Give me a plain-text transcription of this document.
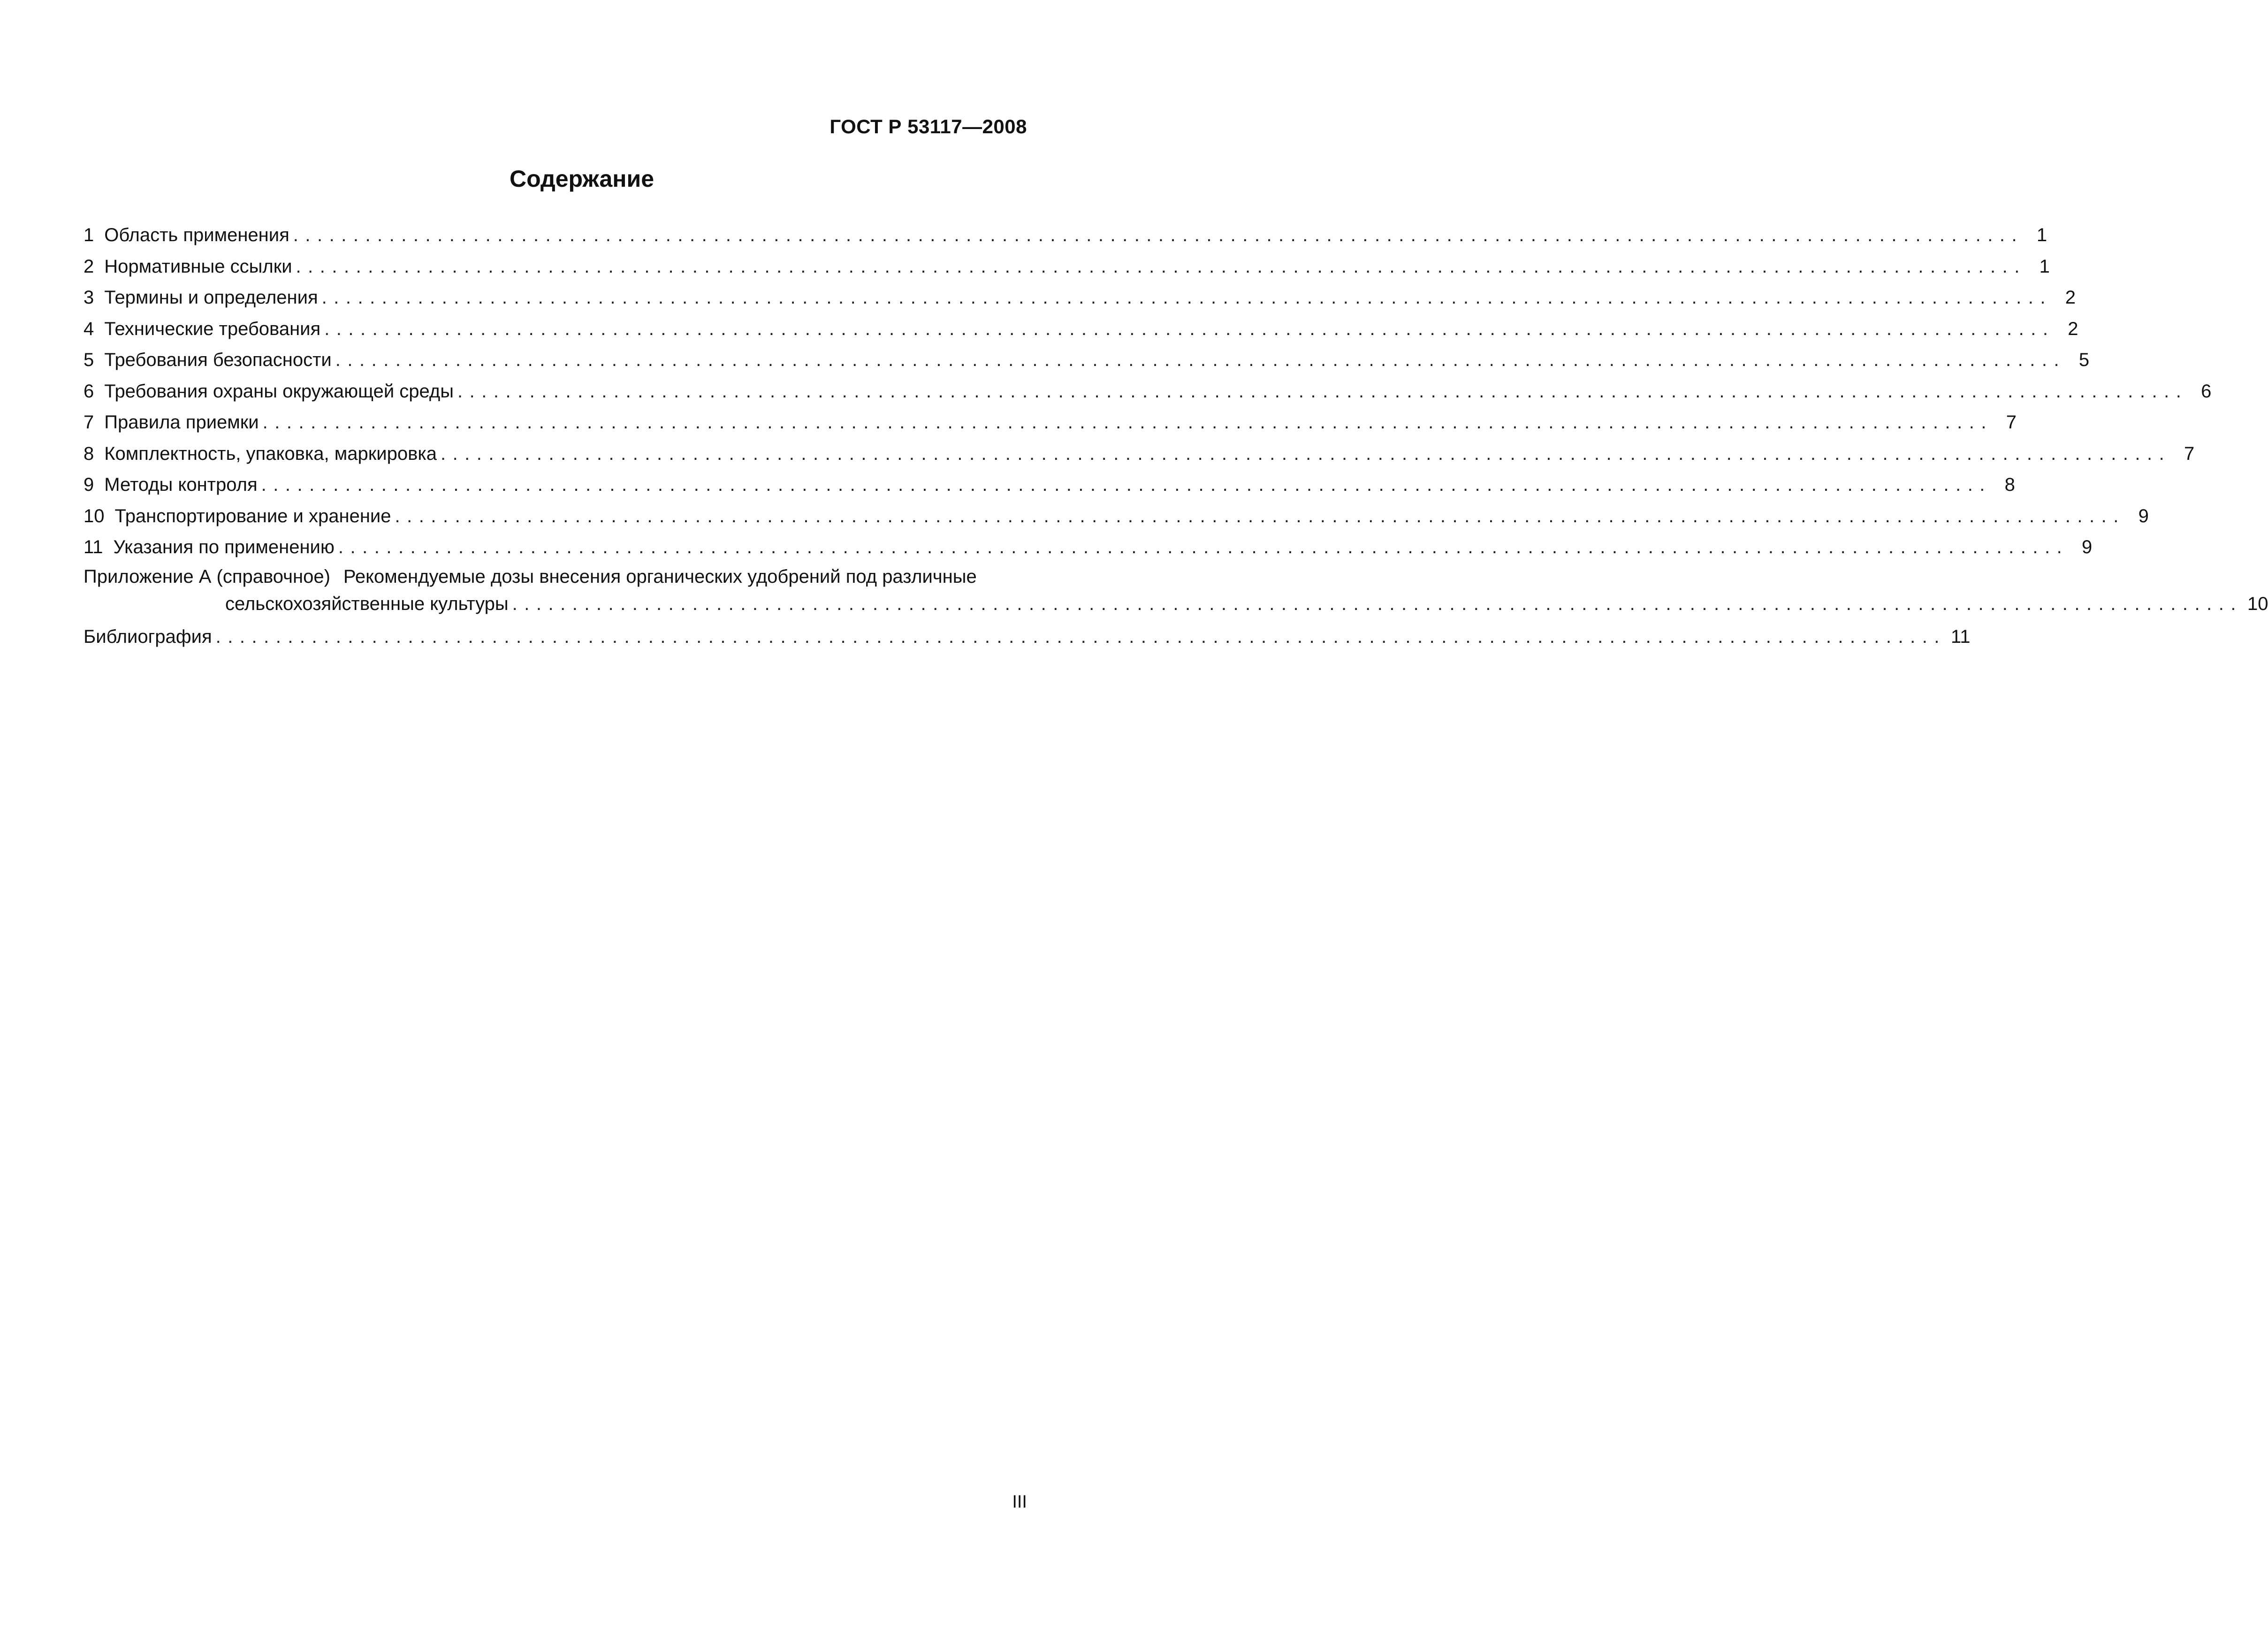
ГОСТ Р 53117—2008
Содержание
1 Область применения ................................................................................................................................................ 1
2 Нормативные ссылки ................................................................................................................................................ 1
3 Термины и определения ................................................................................................................................................ 2
4 Технические требования ................................................................................................................................................ 2
5 Требования безопасности ................................................................................................................................................ 5
6 Требования охраны окружающей среды ................................................................................................................................................ 6
7 Правила приемки ................................................................................................................................................ 7
8 Комплектность, упаковка, маркировка ................................................................................................................................................ 7
9 Методы контроля ................................................................................................................................................ 8
10 Транспортирование и хранение ................................................................................................................................................ 9
11 Указания по применению ................................................................................................................................................ 9
Приложение А (справочное) Рекомендуемые дозы внесения органических удобрений под различные
сельскохозяйственные культуры ................................................................................................................................................ 10
Библиография ................................................................................................................................................ 11
III
